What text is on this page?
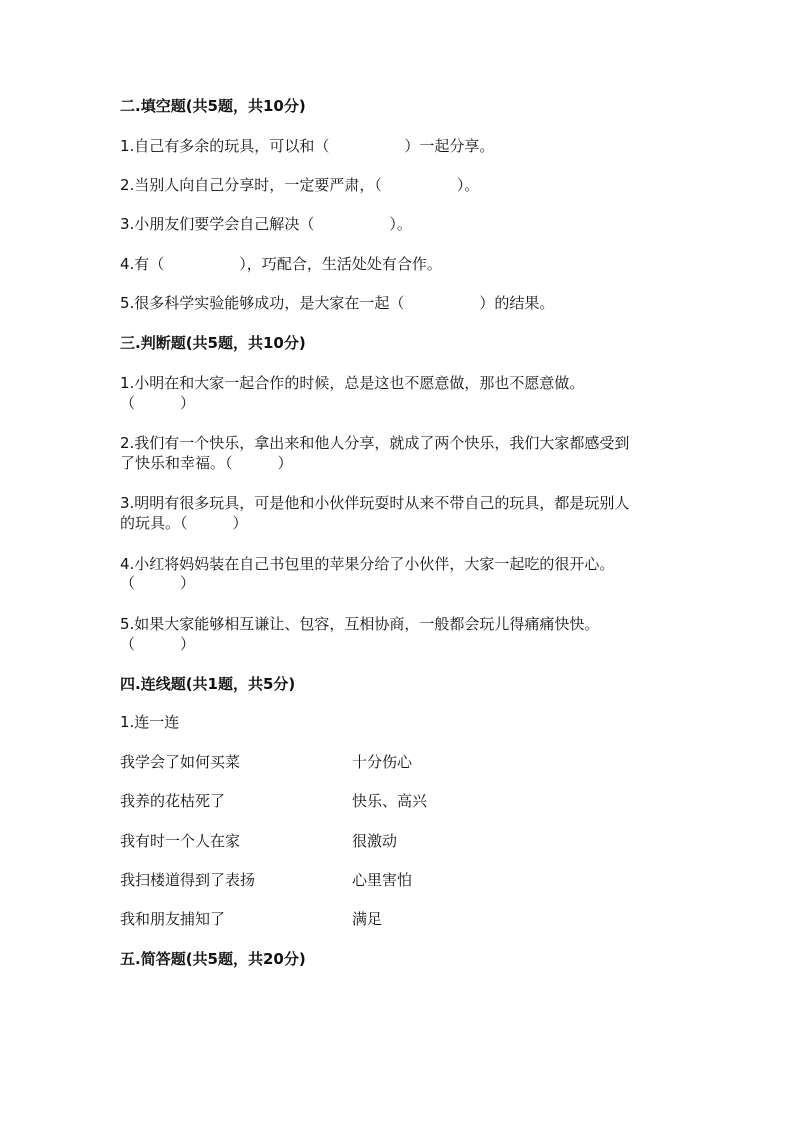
二.填空题(共5题，共10分)
1.自己有多余的玩具，可以和（　　　　　）一起分享。
2.当别人向自己分享时，一定要严肃，（　　　　　）。
3.小朋友们要学会自己解决（　　　　　）。
4.有（　　　　　），巧配合，生活处处有合作。
5.很多科学实验能够成功，是大家在一起（　　　　　）的结果。
三.判断题(共5题，共10分)
1.小明在和大家一起合作的时候，总是这也不愿意做，那也不愿意做。
（　　　）
2.我们有一个快乐，拿出来和他人分享，就成了两个快乐，我们大家都感受到
了快乐和幸福。（　　　）
3.明明有很多玩具，可是他和小伙伴玩耍时从来不带自己的玩具，都是玩别人
的玩具。（　　　）
4.小红将妈妈装在自己书包里的苹果分给了小伙伴，大家一起吃的很开心。
（　　　）
5.如果大家能够相互谦让、包容，互相协商，一般都会玩儿得痛痛快快。
（　　　）
四.连线题(共1题，共5分)
1.连一连
我学会了如何买菜	十分伤心
我养的花枯死了	快乐、高兴
我有时一个人在家	很激动
我扫楼道得到了表扬	心里害怕
我和朋友捕知了	满足
五.简答题(共5题，共20分)
